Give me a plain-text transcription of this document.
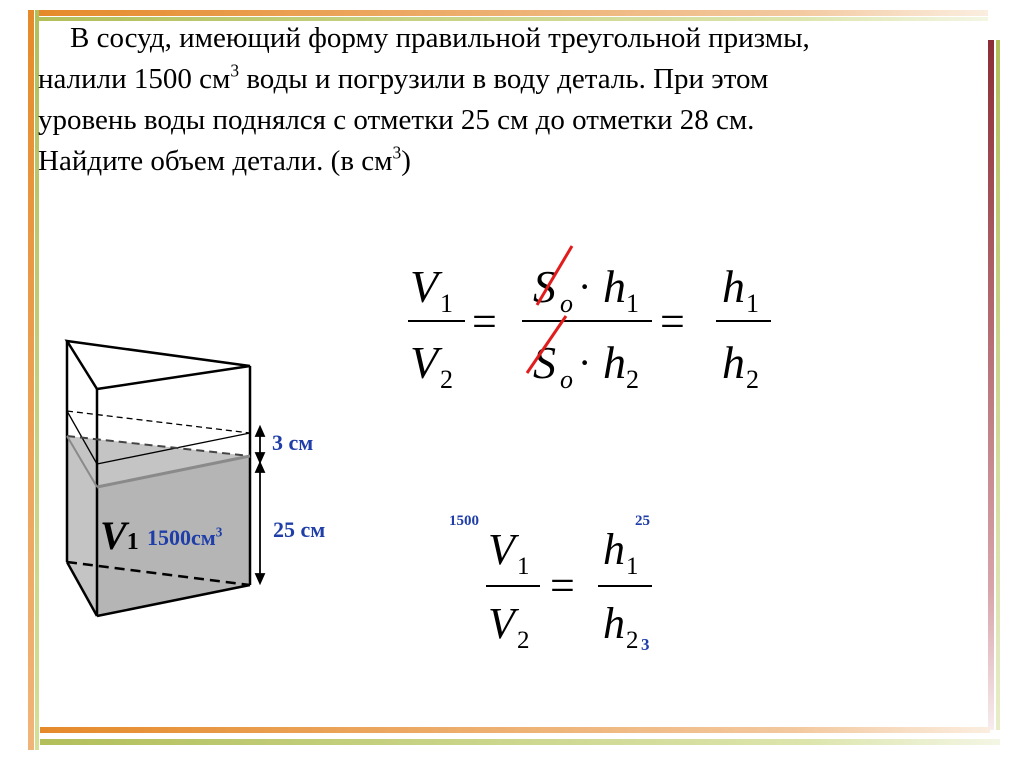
В сосуд, имеющий форму правильной треугольной призмы,
налили 1500 $см^3$ воды и погрузили в воду деталь. При этом
уровень воды поднялся с отметки 25 см до отметки 28 см.
Найдите объем детали. (в $см^3$)

V 1
V 2
=
S o · h 1
S o · h 2
=
h 1
h 2
V 1
V 2
=
h 1
h 2
V1 $1500см^3$
3 см
25 см	1500	25
3
